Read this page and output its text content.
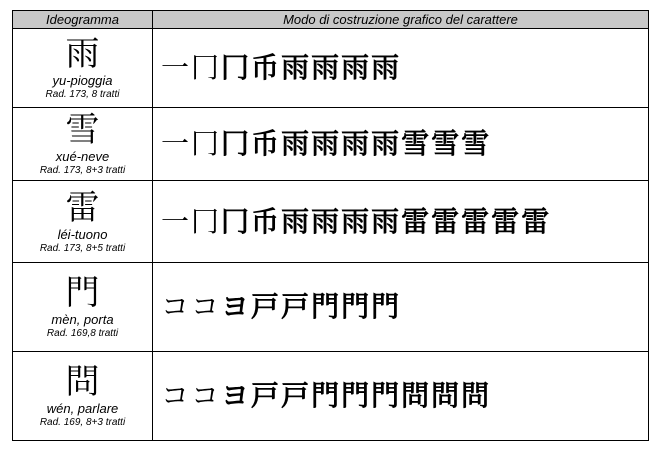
Ideogramma	Modo di costruzione grafico del carattere

雨
yu-pioggia
Rad. 173, 8 tratti	一冂冂币雨雨雨雨

雪
xué-neve
Rad. 173, 8+3 tratti	一冂冂币雨雨雨雨雪雪雪

雷
léi-tuono
Rad. 173, 8+5 tratti	一冂冂币雨雨雨雨雷雷雷雷雷

門
mèn, porta
Rad. 169,8 tratti	ココヨ戸戸門門門

問
wén, parlare
Rad. 169, 8+3 tratti	ココヨ戸戸門門門問問問
